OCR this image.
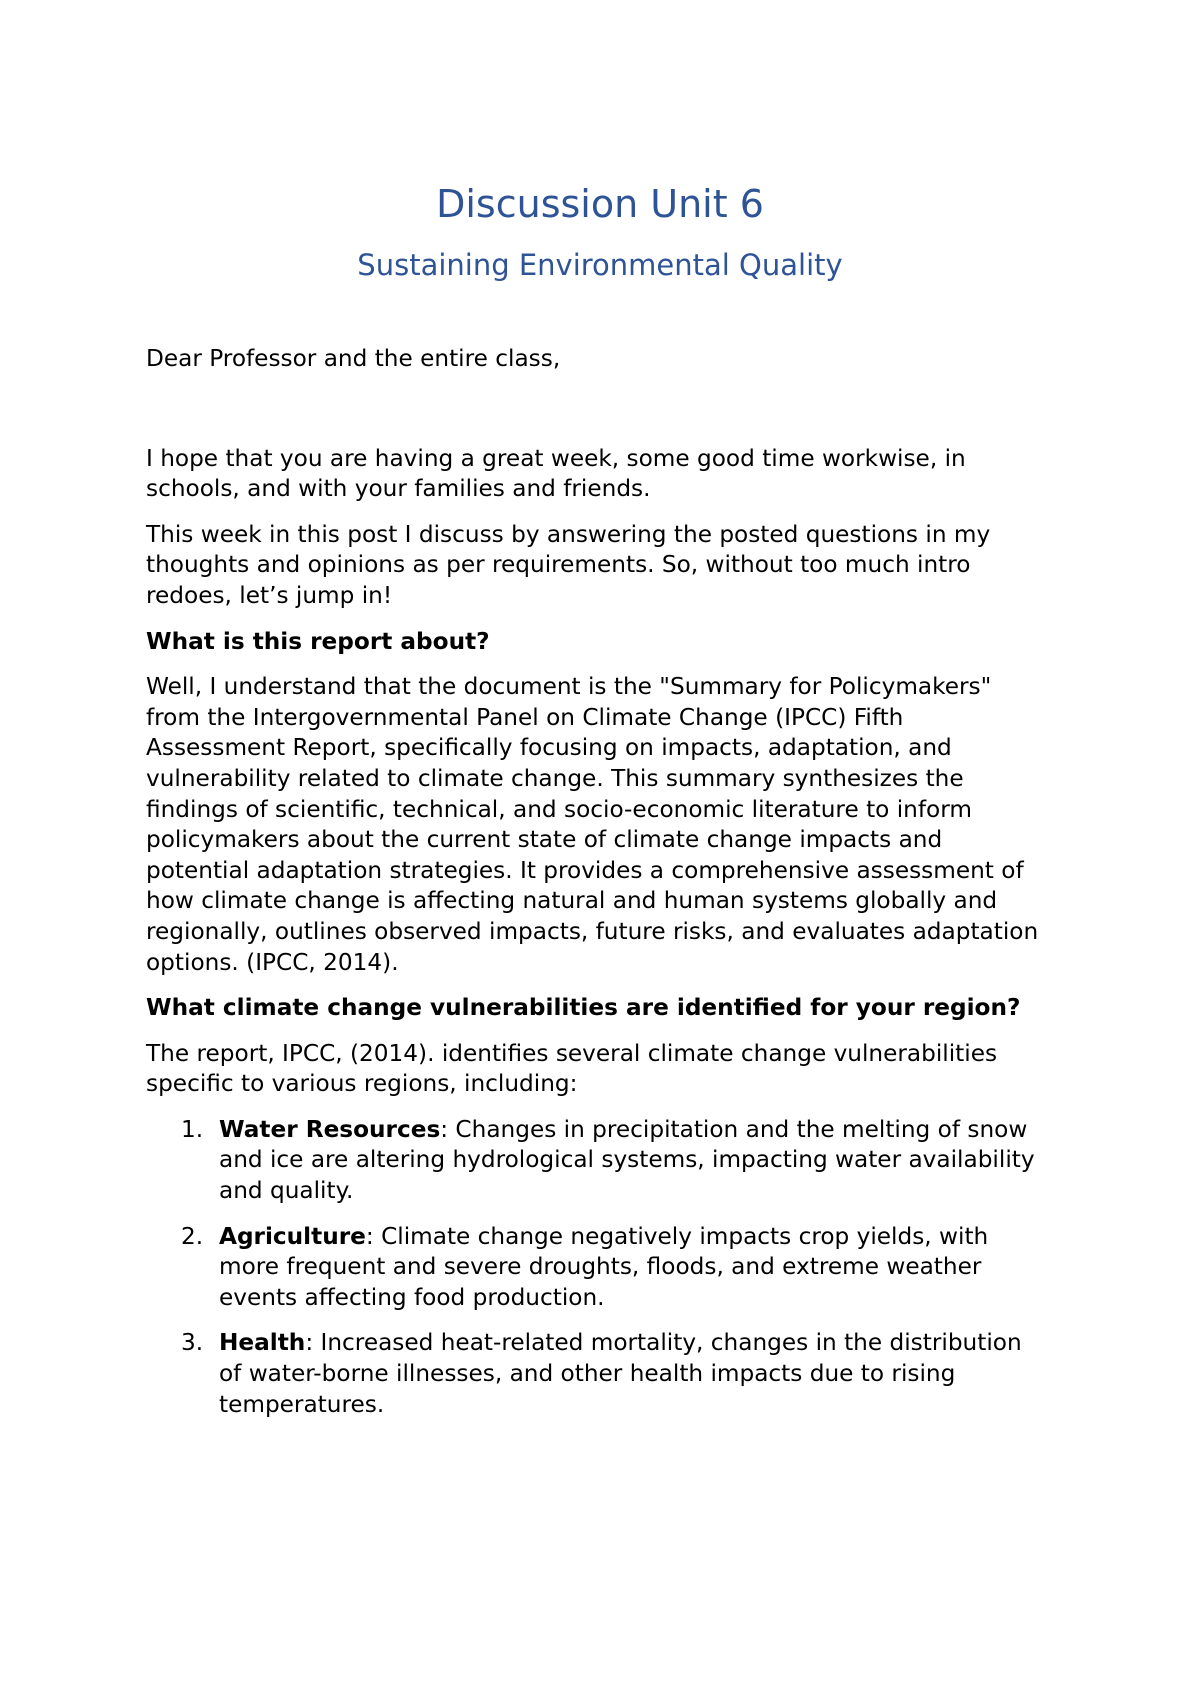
Discussion Unit 6
Sustaining Environmental Quality

Dear Professor and the entire class,

I hope that you are having a great week, some good time workwise, in schools, and with your families and friends.

This week in this post I discuss by answering the posted questions in my thoughts and opinions as per requirements. So, without too much intro redoes, let’s jump in!

What is this report about?

Well, I understand that the document is the "Summary for Policymakers" from the Intergovernmental Panel on Climate Change (IPCC) Fifth Assessment Report, specifically focusing on impacts, adaptation, and vulnerability related to climate change. This summary synthesizes the findings of scientific, technical, and socio-economic literature to inform policymakers about the current state of climate change impacts and potential adaptation strategies. It provides a comprehensive assessment of how climate change is affecting natural and human systems globally and regionally, outlines observed impacts, future risks, and evaluates adaptation options. (IPCC, 2014).

What climate change vulnerabilities are identified for your region?

The report, IPCC, (2014). identifies several climate change vulnerabilities specific to various regions, including:

1. Water Resources: Changes in precipitation and the melting of snow and ice are altering hydrological systems, impacting water availability and quality.
2. Agriculture: Climate change negatively impacts crop yields, with more frequent and severe droughts, floods, and extreme weather events affecting food production.
3. Health: Increased heat-related mortality, changes in the distribution of water-borne illnesses, and other health impacts due to rising temperatures.
